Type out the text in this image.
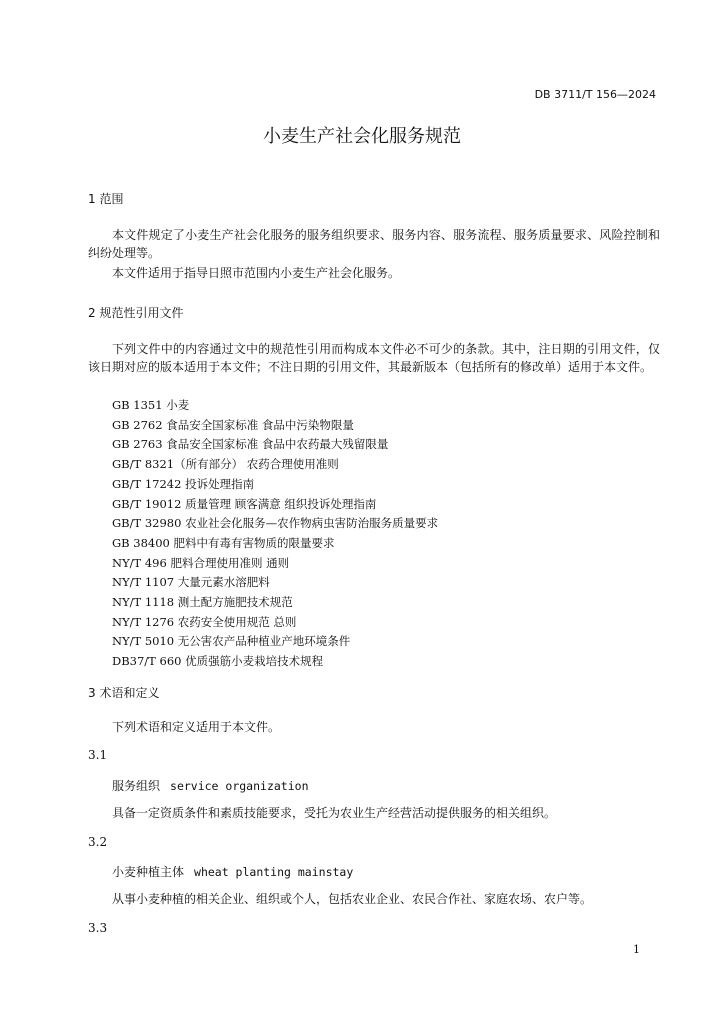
DB 3711/T 156—2024
小麦生产社会化服务规范
1 范围
本文件规定了小麦生产社会化服务的服务组织要求、服务内容、服务流程、服务质量要求、风险控制和纠纷处理等。
本文件适用于指导日照市范围内小麦生产社会化服务。
2 规范性引用文件
下列文件中的内容通过文中的规范性引用而构成本文件必不可少的条款。其中，注日期的引用文件，仅该日期对应的版本适用于本文件；不注日期的引用文件，其最新版本（包括所有的修改单）适用于本文件。
GB 1351 小麦
GB 2762 食品安全国家标准 食品中污染物限量
GB 2763 食品安全国家标准 食品中农药最大残留限量
GB/T 8321（所有部分） 农药合理使用准则
GB/T 17242 投诉处理指南
GB/T 19012 质量管理 顾客满意 组织投诉处理指南
GB/T 32980 农业社会化服务—农作物病虫害防治服务质量要求
GB 38400 肥料中有毒有害物质的限量要求
NY/T 496 肥料合理使用准则 通则
NY/T 1107 大量元素水溶肥料
NY/T 1118 测土配方施肥技术规范
NY/T 1276 农药安全使用规范 总则
NY/T 5010 无公害农产品种植业产地环境条件
DB37/T 660 优质强筋小麦栽培技术规程
3 术语和定义
下列术语和定义适用于本文件。
3.1
服务组织 service organization
具备一定资质条件和素质技能要求，受托为农业生产经营活动提供服务的相关组织。
3.2
小麦种植主体 wheat planting mainstay
从事小麦种植的相关企业、组织或个人，包括农业企业、农民合作社、家庭农场、农户等。
3.3
1
